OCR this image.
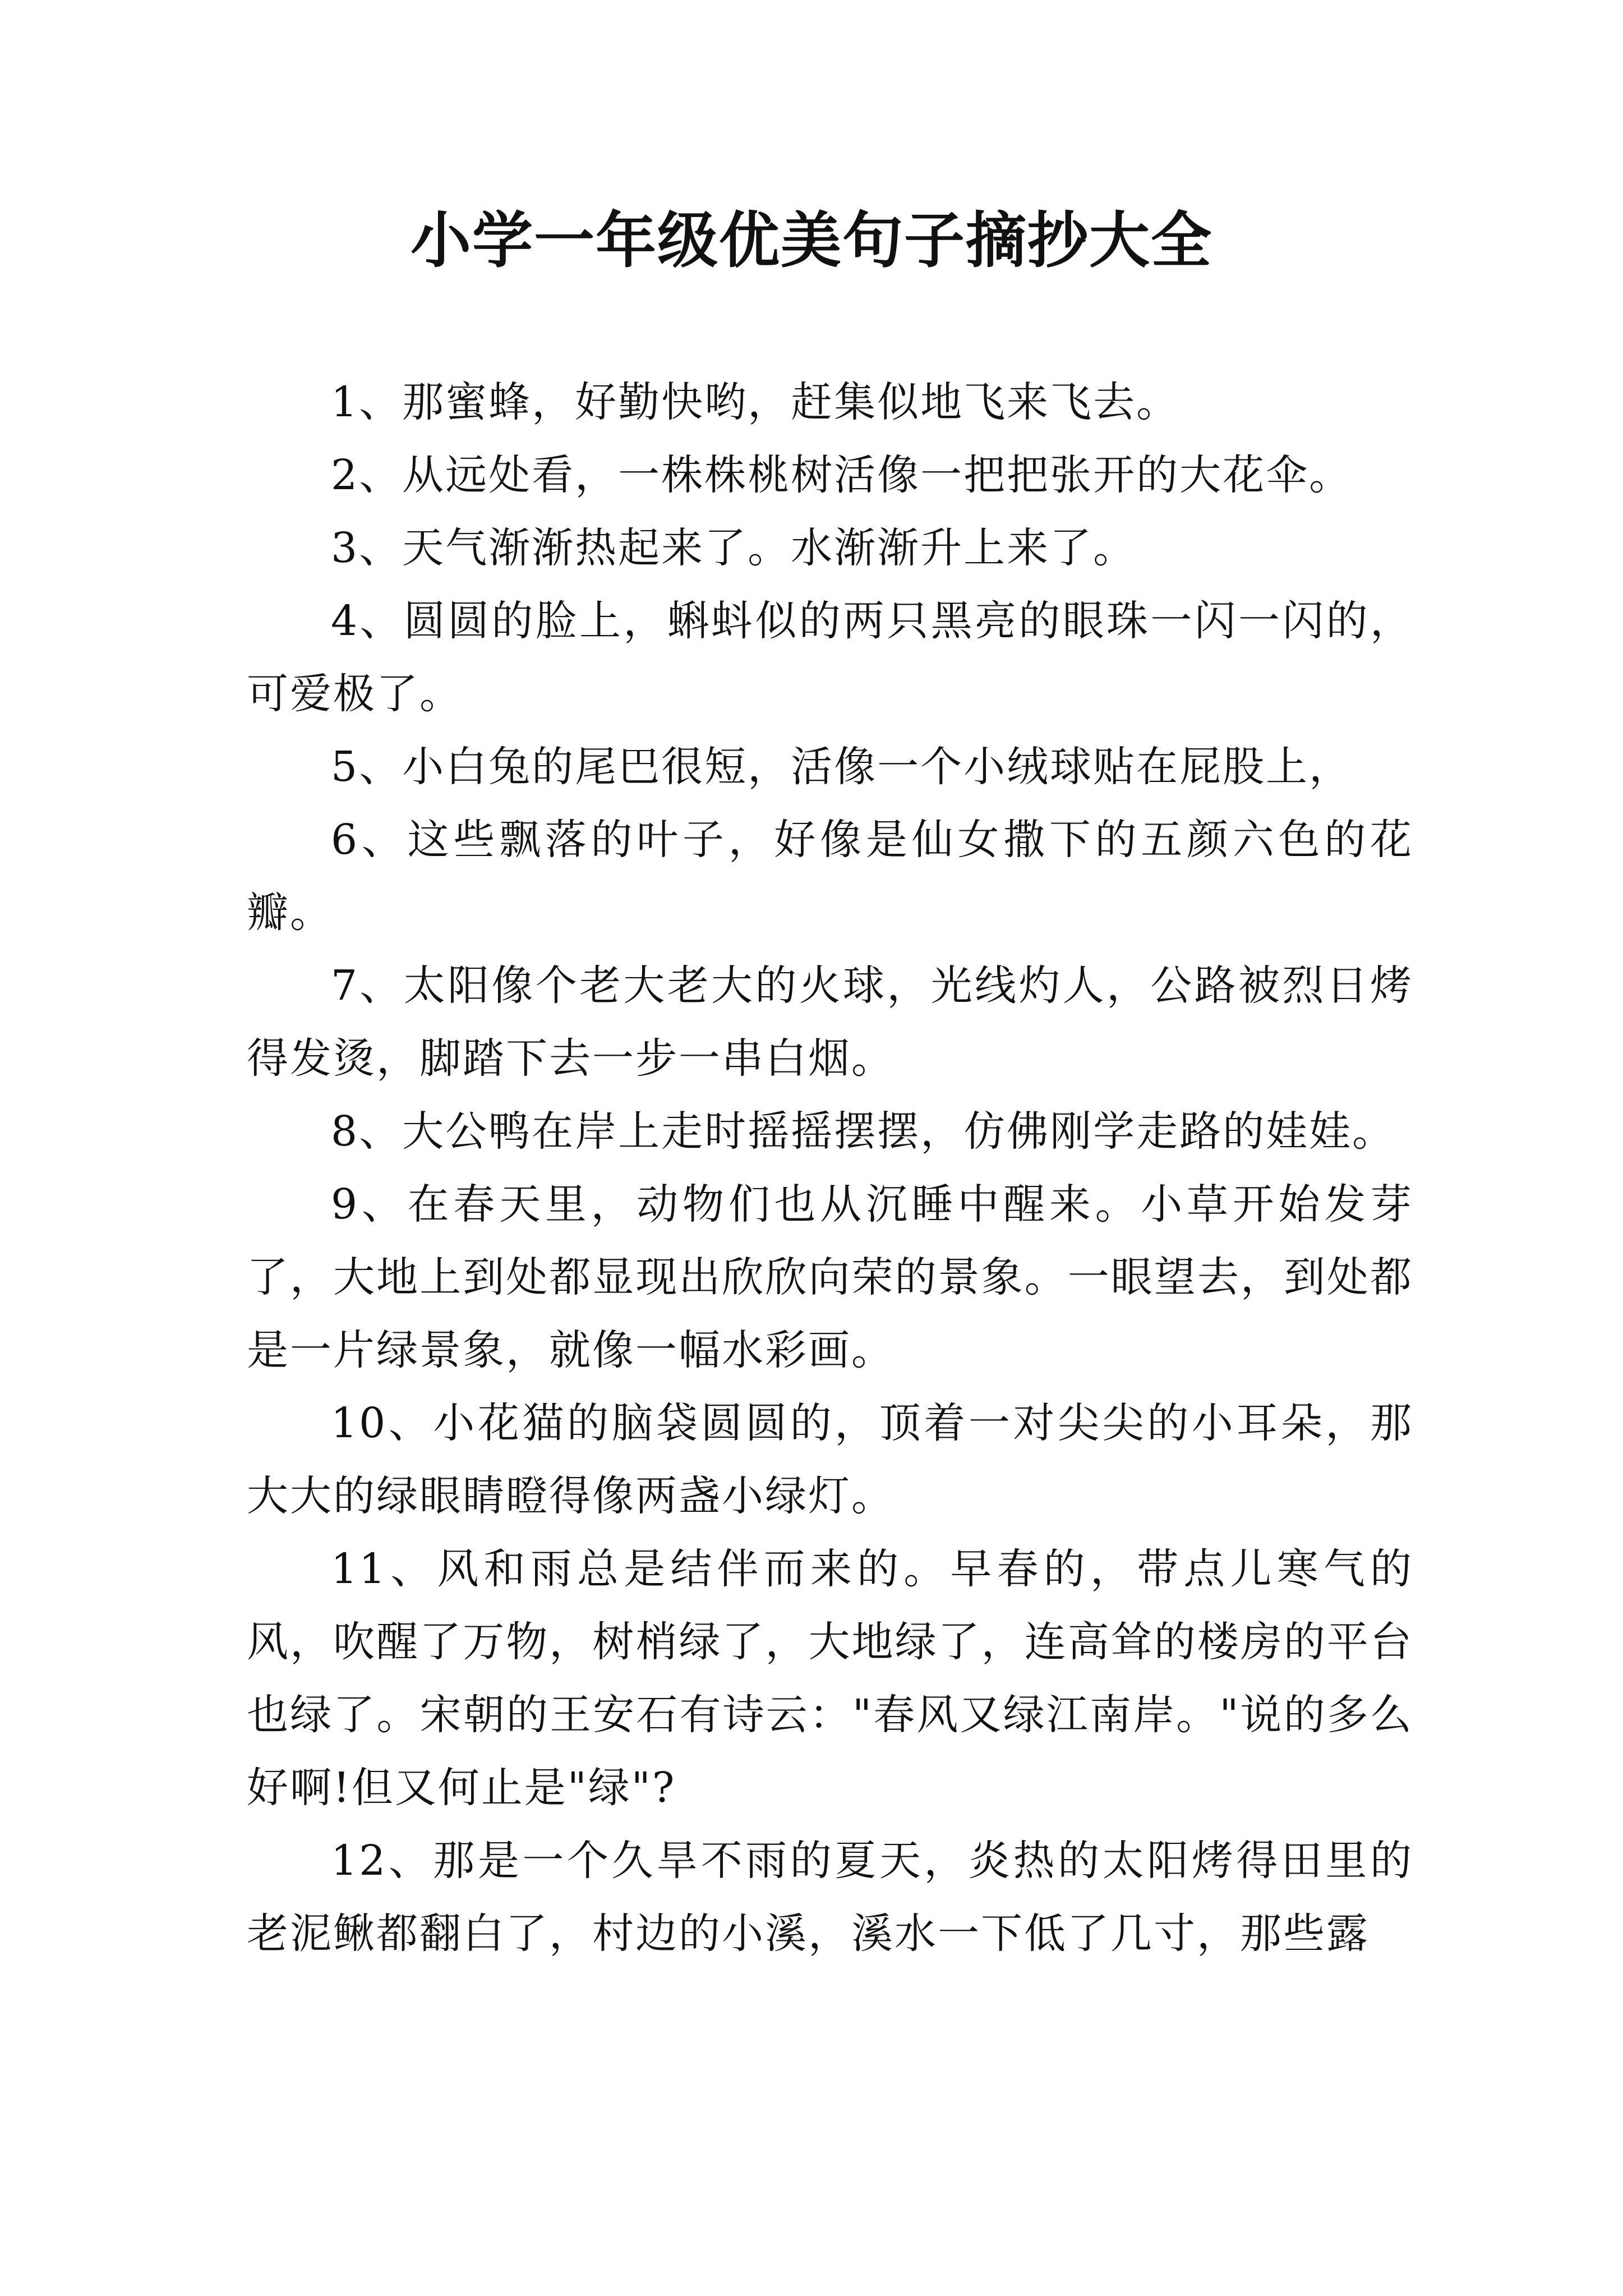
小学一年级优美句子摘抄大全

1、那蜜蜂，好勤快哟，赶集似地飞来飞去。

2、从远处看，一株株桃树活像一把把张开的大花伞。

3、天气渐渐热起来了。水渐渐升上来了。

4、圆圆的脸上，蝌蚪似的两只黑亮的眼珠一闪一闪的，可爱极了。

5、小白兔的尾巴很短，活像一个小绒球贴在屁股上，

6、这些飘落的叶子，好像是仙女撒下的五颜六色的花瓣。

7、太阳像个老大老大的火球，光线灼人，公路被烈日烤得发烫，脚踏下去一步一串白烟。

8、大公鸭在岸上走时摇摇摆摆，仿佛刚学走路的娃娃。

9、在春天里，动物们也从沉睡中醒来。小草开始发芽了，大地上到处都显现出欣欣向荣的景象。一眼望去，到处都是一片绿景象，就像一幅水彩画。

10、小花猫的脑袋圆圆的，顶着一对尖尖的小耳朵，那大大的绿眼睛瞪得像两盏小绿灯。

11、风和雨总是结伴而来的。早春的，带点儿寒气的风，吹醒了万物，树梢绿了，大地绿了，连高耸的楼房的平台也绿了。宋朝的王安石有诗云："春风又绿江南岸。"说的多么好啊!但又何止是"绿"?

12、那是一个久旱不雨的夏天，炎热的太阳烤得田里的老泥鳅都翻白了，村边的小溪，溪水一下低了几寸，那些露
